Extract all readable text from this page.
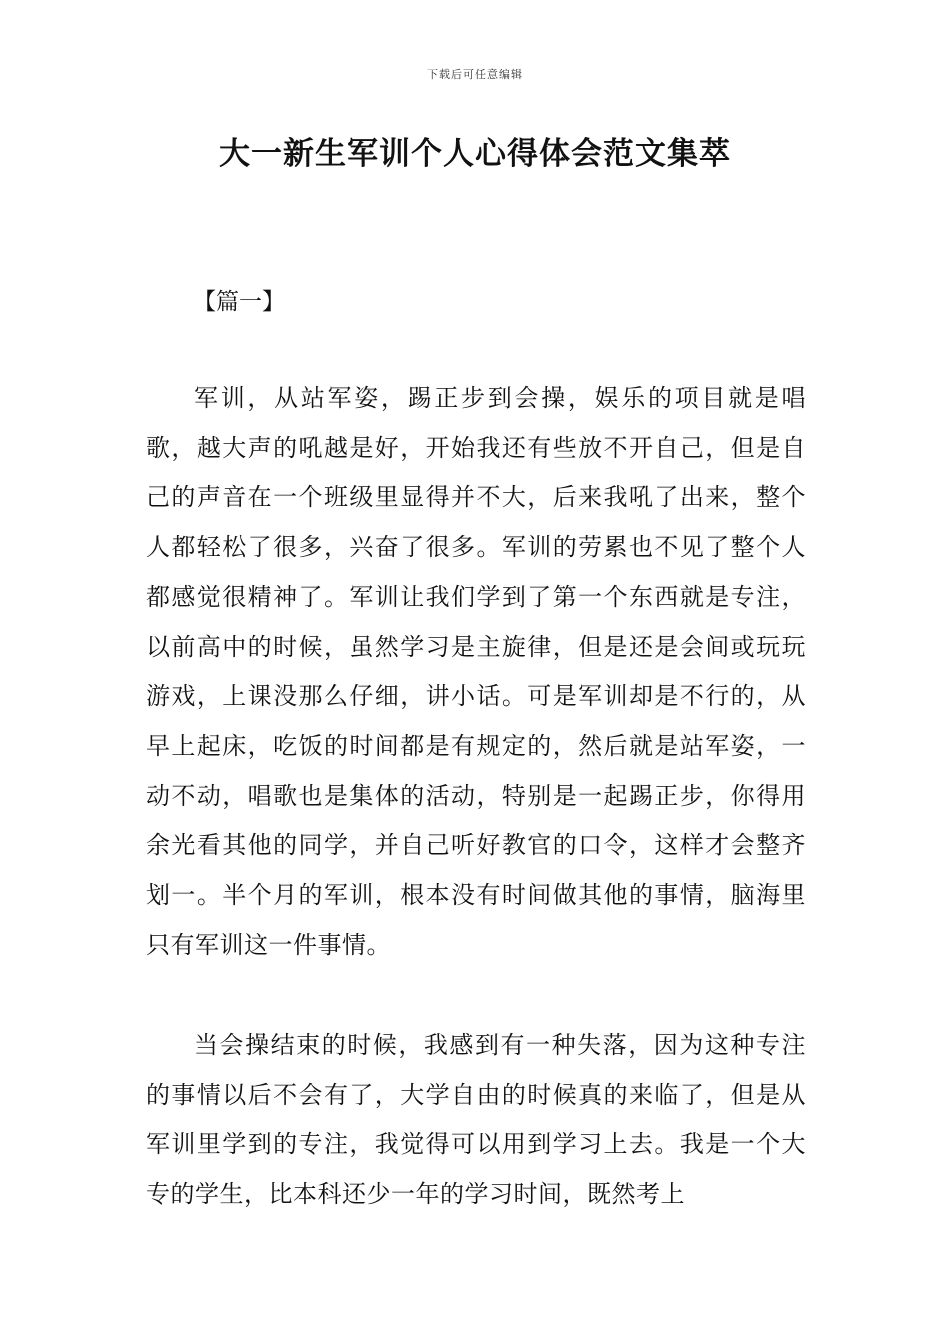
下载后可任意编辑
大一新生军训个人心得体会范文集萃
【篇一】

军训，从站军姿，踢正步到会操，娱乐的项目就是唱歌，越大声的吼越是好，开始我还有些放不开自己，但是自己的声音在一个班级里显得并不大，后来我吼了出来，整个人都轻松了很多，兴奋了很多。军训的劳累也不见了整个人都感觉很精神了。军训让我们学到了第一个东西就是专注，以前高中的时候，虽然学习是主旋律，但是还是会间或玩玩游戏，上课没那么仔细，讲小话。可是军训却是不行的，从早上起床，吃饭的时间都是有规定的，然后就是站军姿，一动不动，唱歌也是集体的活动，特别是一起踢正步，你得用余光看其他的同学，并自己听好教官的口令，这样才会整齐划一。半个月的军训，根本没有时间做其他的事情，脑海里只有军训这一件事情。

当会操结束的时候，我感到有一种失落，因为这种专注的事情以后不会有了，大学自由的时候真的来临了，但是从军训里学到的专注，我觉得可以用到学习上去。我是一个大专的学生，比本科还少一年的学习时间，既然考上
